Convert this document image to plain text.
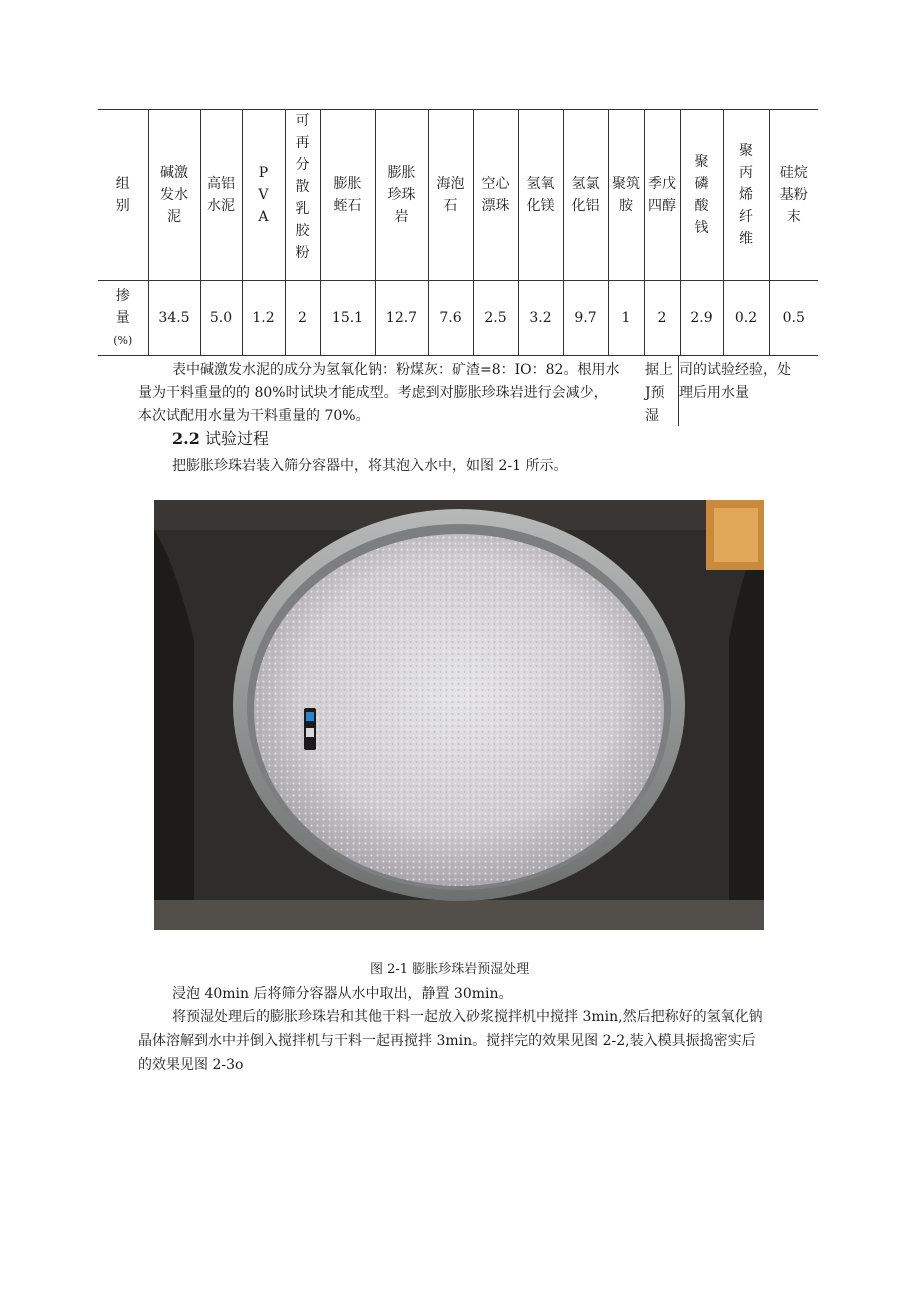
组别	碱激发水泥	高铝水泥	PVA	可再分散乳胶粉	膨胀蛭石	膨胀珍珠岩	海泡石	空心漂珠	氢氧化镁	氢氯化铝	聚筑胺	季戊四醇	聚磷酸钱	聚丙烯纤维	硅烷基粉末
掺量
(%)	34.5	5.0	1.2	2	15.1	12.7	7.6	2.5	3.2	9.7	1	2	2.9	0.2	0.5

表中碱激发水泥的成分为氢氧化钠：粉煤灰：矿渣=8：IO：82。根用水 据上 司的试验经验，处

量为干料重量的的 80%时试块才能成型。考虑到对膨胀珍珠岩进行会减少，	J预 理后用水量

本次试配用水量为干料重量的 70%。	湿

2.2 试验过程

把膨胀珍珠岩装入筛分容器中，将其泡入水中，如图 2-1 所示。

图 2-1 膨胀珍珠岩预湿处理

浸泡 40min 后将筛分容器从水中取出，静置 30min。

将预湿处理后的膨胀珍珠岩和其他干料一起放入砂浆搅拌机中搅拌 3min,然后把称好的氢氧化钠

晶体溶解到水中并倒入搅拌机与干料一起再搅拌 3min。搅拌完的效果见图 2-2,装入模具振捣密实后

的效果见图 2-3o
